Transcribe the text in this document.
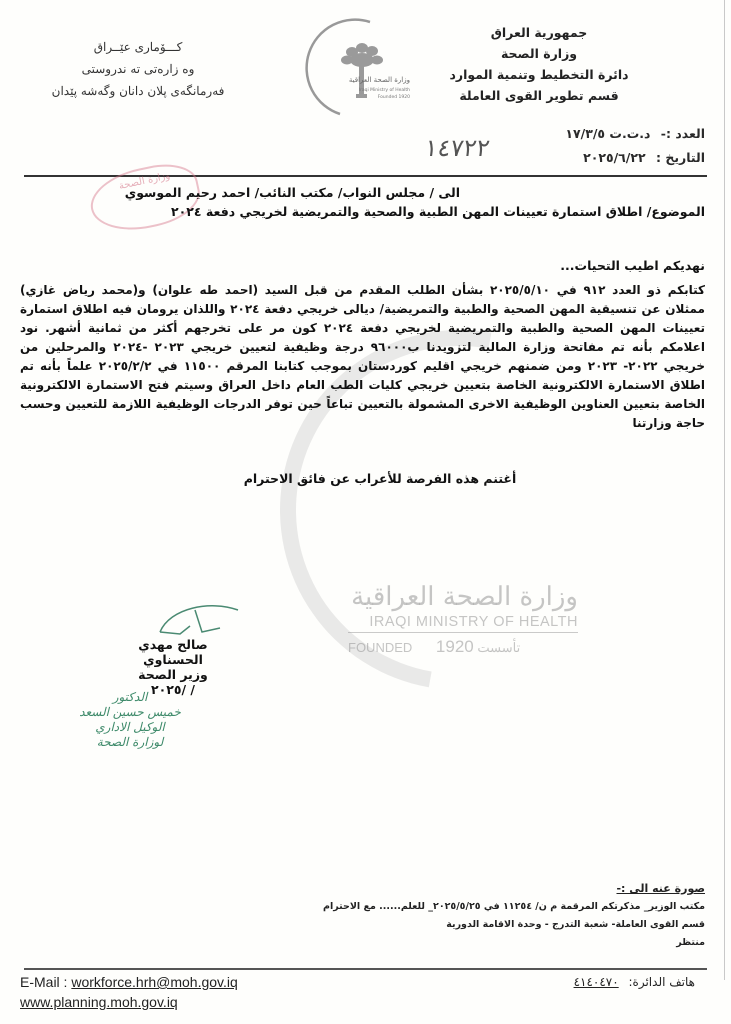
جمهورية العراق
وزارة الصحة
دائرة التخطيط وتنمية الموارد
قسم تطوير القوى العاملة
كـــۆمارى عێــراق
وه زارەتى تە ندروستى
فەرمانگەى پلان دانان وگەشە پێدان
وزارة الصحة العراقية
Iraqi Ministry of Health
Founded 1920
العدد :- د.ت.ت ١٧/٣/٥
التاريخ : ٢٠٢٥/٦/٢٢
١٤٧٢٢
وزارة الصحة
الى / مجلس النواب/ مكتب النائب/ احمد رحيم الموسوي
الموضوع/ اطلاق استمارة تعيينات المهن الطبية والصحية والتمريضية لخريجي دفعة ٢٠٢٤
نهديكم اطيب التحيات...
وزارة الصحة العراقية
IRAQI MINISTRY OF HEALTH
FOUNDED 1920 تأسست
كتابكم ذو العدد ٩١٢ في ٢٠٢٥/٥/١٠ بشأن الطلب المقدم من قبل السيد (احمد طه علوان) و(محمد رياض غازي) ممثلان عن تنسيقية المهن الصحية والطبية والتمريضية/ ديالى خريجي دفعة ٢٠٢٤ واللذان يرومان فيه اطلاق استمارة تعيينات المهن الصحية والطبية والتمريضية لخريجي دفعة ٢٠٢٤ كون مر على تخرجهم أكثر من ثمانية أشهر. نود اعلامكم بأنه تم مفاتحة وزارة المالية لتزويدنا ب٩٦٠٠٠ درجة وظيفية لتعيين خريجي ٢٠٢٣ -٢٠٢٤ والمرحلين من خريجي ٢٠٢٢- ٢٠٢٣ ومن ضمنهم خريجي اقليم كوردستان بموجب كتابنا المرقم ١١٥٠٠ في ٢٠٢٥/٢/٢ علماً بأنه تم اطلاق الاستمارة الالكترونية الخاصة بتعيين خريجي كليات الطب العام داخل العراق وسيتم فتح الاستمارة الالكترونية الخاصة بتعيين العناوين الوظيفية الاخرى المشمولة بالتعيين تباعاً حين توفر الدرجات الوظيفية اللازمة للتعيين وحسب حاجة وزارتنا
أغتنم هذه الفرصة للأعراب عن فائق الاحترام
صالح مهدي الحسناوي
وزير الصحة
/ /٢٠٢٥
الدكتور
خميس حسين السعد
الوكيل الاداري
لوزارة الصحة
صورة عنه الى :-
مكتب الوزير_ مذكرتكم المرقمة م ن/ ١١٢٥٤ في ٢٠٢٥/٥/٢٥_ للعلم...... مع الاحترام
قسم القوى العاملة- شعبة التدرج - وحدة الاقامة الدورية
منتظر
E-Mail : workforce.hrh@moh.gov.iq
www.planning.moh.gov.iq
هاتف الدائرة: ٤١٤٠٤٧٠
